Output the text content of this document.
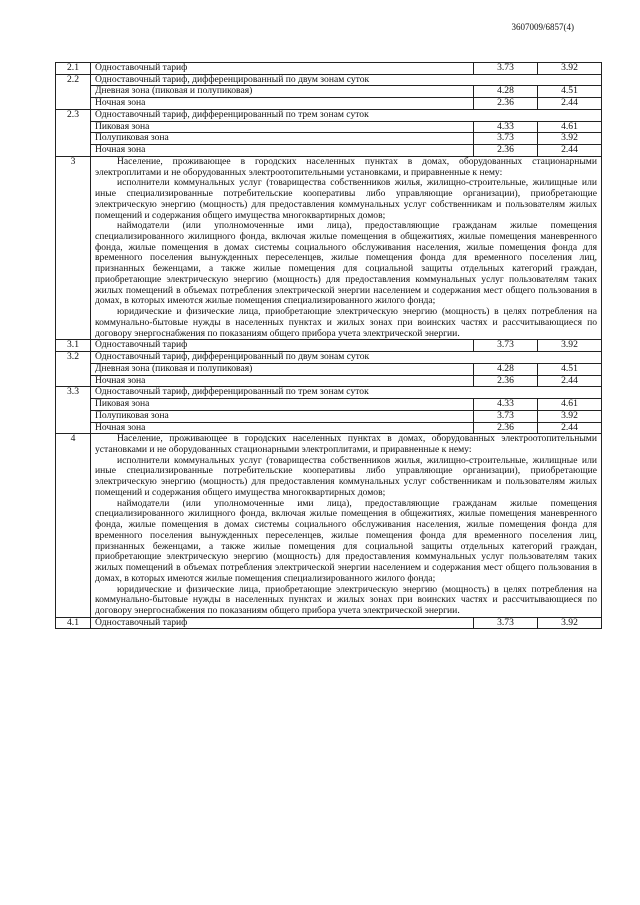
3607009/6857(4)
2.1	Одноставочный тариф	3.73	3.92
2.2	Одноставочный тариф, дифференцированный по двум зонам суток		
	Дневная зона (пиковая и полупиковая)	4.28	4.51
	Ночная зона	2.36	2.44
2.3	Одноставочный тариф, дифференцированный по трем зонам суток		
	Пиковая зона	4.33	4.61
	Полупиковая зона	3.73	3.92
	Ночная зона	2.36	2.44
3	Население, проживающее в городских населенных пунктах в домах, оборудованных стационарными электроплитами и не оборудованных электроотопительными установками, и приравненные к нему:

исполнители коммунальных услуг (товарищества собственников жилья, жилищно-строительные, жилищные или иные специализированные потребительские кооперативы либо управляющие организации), приобретающие электрическую энергию (мощность) для предоставления коммунальных услуг собственникам и пользователям жилых помещений и содержания общего имущества многоквартирных домов;

наймодатели (или уполномоченные ими лица), предоставляющие гражданам жилые помещения специализированного жилищного фонда, включая жилые помещения в общежитиях, жилые помещения маневренного фонда, жилые помещения в домах системы социального обслуживания населения, жилые помещения фонда для временного поселения вынужденных переселенцев, жилые помещения фонда для временного поселения лиц, признанных беженцами, а также жилые помещения для социальной защиты отдельных категорий граждан, приобретающие электрическую энергию (мощность) для предоставления коммунальных услуг пользователям таких жилых помещений в объемах потребления электрической энергии населением и содержания мест общего пользования в домах, в которых имеются жилые помещения специализированного жилого фонда;

юридические и физические лица, приобретающие электрическую энергию (мощность) в целях потребления на коммунально-бытовые нужды в населенных пунктах и жилых зонах при воинских частях и рассчитывающиеся по договору энергоснабжения по показаниям общего прибора учета электрической энергии.		

3.1	Одноставочный тариф	3.73	3.92
3.2	Одноставочный тариф, дифференцированный по двум зонам суток		
	Дневная зона (пиковая и полупиковая)	4.28	4.51
	Ночная зона	2.36	2.44
3.3	Одноставочный тариф, дифференцированный по трем зонам суток		
	Пиковая зона	4.33	4.61
	Полупиковая зона	3.73	3.92
	Ночная зона	2.36	2.44
4	Население, проживающее в городских населенных пунктах в домах, оборудованных электроотопительными установками и не оборудованных стационарными электроплитами, и приравненные к нему:

исполнители коммунальных услуг (товарищества собственников жилья, жилищно-строительные, жилищные или иные специализированные потребительские кооперативы либо управляющие организации), приобретающие электрическую энергию (мощность) для предоставления коммунальных услуг собственникам и пользователям жилых помещений и содержания общего имущества многоквартирных домов;

наймодатели (или уполномоченные ими лица), предоставляющие гражданам жилые помещения специализированного жилищного фонда, включая жилые помещения в общежитиях, жилые помещения маневренного фонда, жилые помещения в домах системы социального обслуживания населения, жилые помещения фонда для временного поселения вынужденных переселенцев, жилые помещения фонда для временного поселения лиц, признанных беженцами, а также жилые помещения для социальной защиты отдельных категорий граждан, приобретающие электрическую энергию (мощность) для предоставления коммунальных услуг пользователям таких жилых помещений в объемах потребления электрической энергии населением и содержания мест общего пользования в домах, в которых имеются жилые помещения специализированного жилого фонда;

юридические и физические лица, приобретающие электрическую энергию (мощность) в целях потребления на коммунально-бытовые нужды в населенных пунктах и жилых зонах при воинских частях и рассчитывающиеся по договору энергоснабжения по показаниям общего прибора учета электрической энергии.		

4.1	Одноставочный тариф	3.73	3.92
